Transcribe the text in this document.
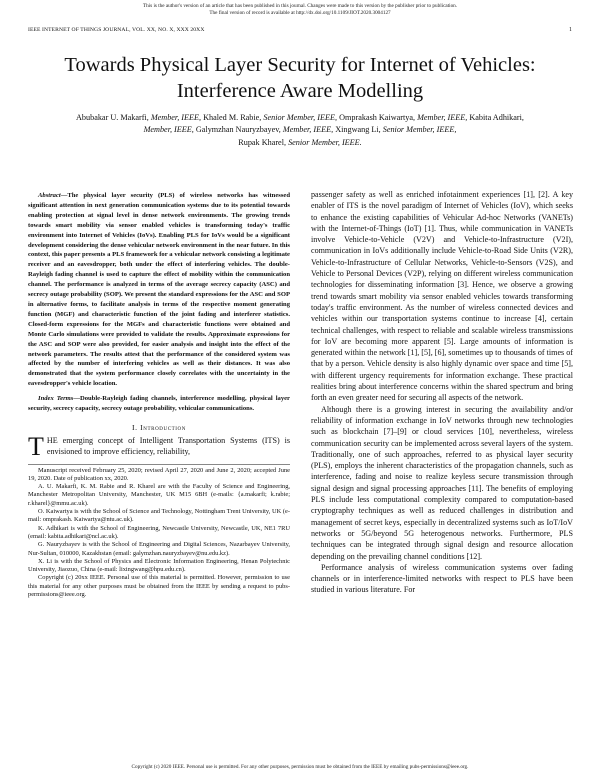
This is the author's version of an article that has been published in this journal. Changes were made to this version by the publisher prior to publication.
The final version of record is available at http://dx.doi.org/10.1109/JIOT.2020.3004127
IEEE INTERNET OF THINGS JOURNAL, VOL. XX, NO. X, XXX 20XX	1
Towards Physical Layer Security for Internet of Vehicles: Interference Aware Modelling
Abubakar U. Makarfi, Member, IEEE, Khaled M. Rabie, Senior Member, IEEE, Omprakash Kaiwartya, Member, IEEE, Kabita Adhikari, Member, IEEE, Galymzhan Nauryzbayev, Member, IEEE, Xingwang Li, Senior Member, IEEE,
Rupak Kharel, Senior Member, IEEE.

Abstract—The physical layer security (PLS) of wireless networks has witnessed significant attention in next generation communication systems due to its potential towards enabling protection at signal level in dense network environments. The growing trends towards smart mobility via sensor enabled vehicles is transforming today's traffic environment into Internet of Vehicles (IoVs). Enabling PLS for IoVs would be a significant development considering the dense vehicular network environment in the near future. In this context, this paper presents a PLS framework for a vehicular network consisting a legitimate receiver and an eavesdropper, both under the effect of interfering vehicles. The double-Rayleigh fading channel is used to capture the effect of mobility within the communication channel. The performance is analyzed in terms of the average secrecy capacity (ASC) and secrecy outage probability (SOP). We present the standard expressions for the ASC and SOP in alternative forms, to facilitate analysis in terms of the respective moment generating function (MGF) and characteristic function of the joint fading and interferer statistics. Closed-form expressions for the MGFs and characteristic functions were obtained and Monte Carlo simulations were provided to validate the results. Approximate expressions for the ASC and SOP were also provided, for easier analysis and insight into the effect of the network parameters. The results attest that the performance of the considered system was affected by the number of interfering vehicles as well as their distances. It was also demonstrated that the system performance closely correlates with the uncertainty in the eavesdropper's vehicle location.

Index Terms—Double-Rayleigh fading channels, interference modelling, physical layer security, secrecy capacity, secrecy outage probability, vehicular communications.

I. Introduction

THE emerging concept of Intelligent Transportation Systems (ITS) is envisioned to improve efficiency, reliability,

Manuscript received February 25, 2020; revised April 27, 2020 and June 2, 2020; accepted June 19, 2020. Date of publication xx, 2020.

A. U. Makarfi, K. M. Rabie and R. Kharel are with the Faculty of Science and Engineering, Manchester Metropolitan University, Manchester, UK M15 6BH (e-mails: {a.makarfi; k.rabie; r.kharel}@mmu.ac.uk).

O. Kaiwartya is with the School of Science and Technology, Nottingham Trent University, UK (e-mail: omprakash. Kaiwartya@ntu.ac.uk).

K. Adhikari is with the School of Engineering, Newcastle University, Newcastle, UK, NE1 7RU (email: kabita.adhikari@ncl.ac.uk).

G. Nauryzbayev is with the School of Engineering and Digital Sciences, Nazarbayev University, Nur-Sultan, 010000, Kazakhstan (email: galymzhan.nauryzbayev@nu.edu.kz).

X. Li is with the School of Physics and Electronic Information Engineering, Henan Polytechnic University, Jiaozuo, China (e-mail: lixingwang@hpu.edu.cn).

Copyright (c) 20xx IEEE. Personal use of this material is permitted. However, permission to use this material for any other purposes must be obtained from the IEEE by sending a request to pubs-permissions@ieee.org.

passenger safety as well as enriched infotainment experiences [1], [2]. A key enabler of ITS is the novel paradigm of Internet of Vehicles (IoV), which seeks to enhance the existing capabilities of Vehicular Ad-hoc Networks (VANETs) with the Internet-of-Things (IoT) [1]. Thus, while communication in VANETs involve Vehicle-to-Vehicle (V2V) and Vehicle-to-Infrastructure (V2I), communication in IoVs additionally include Vehicle-to-Road Side Units (V2R), Vehicle-to-Infrastructure of Cellular Networks, Vehicle-to-Sensors (V2S), and Vehicle to Personal Devices (V2P), relying on different wireless communication technologies for disseminating information [3]. Hence, we observe a growing trend towards smart mobility via sensor enabled vehicles towards transforming today's traffic environment. As the number of wireless connected devices and vehicles within our transportation systems continue to increase [4], certain technical challenges, with respect to reliable and scalable wireless transmissions for IoV are becoming more apparent [5]. Large amounts of information is generated within the network [1], [5], [6], sometimes up to thousands of times of that by a person. Vehicle density is also highly dynamic over space and time [5], with different urgency requirements for information exchange. These practical realities bring about interference concerns within the shared spectrum and bring forth an even greater need for securing all aspects of the network.

Although there is a growing interest in securing the availability and/or reliability of information exchange in IoV networks through new technologies such as blockchain [7]–[9] or cloud services [10], nevertheless, wireless communication security can be implemented across several layers of the system. Traditionally, one of such approaches, referred to as physical layer security (PLS), employs the inherent characteristics of the propagation channels, such as interference, fading and noise to realize keyless secure transmission through signal design and signal processing approaches [11]. The benefits of employing PLS include less computational complexity compared to computation-based cryptography techniques as well as reduced challenges in distribution and management of secret keys, especially in decentralized systems such as IoT/IoV networks or 5G/beyond 5G heterogenous networks. Furthermore, PLS techniques can be integrated through signal design and resource allocation depending on the prevailing channel conditions [12].

Performance analysis of wireless communication systems over fading channels or in interference-limited networks with respect to PLS have been studied in various literature. For

Copyright (c) 2020 IEEE. Personal use is permitted. For any other purposes, permission must be obtained from the IEEE by emailing pubs-permissions@ieee.org.
